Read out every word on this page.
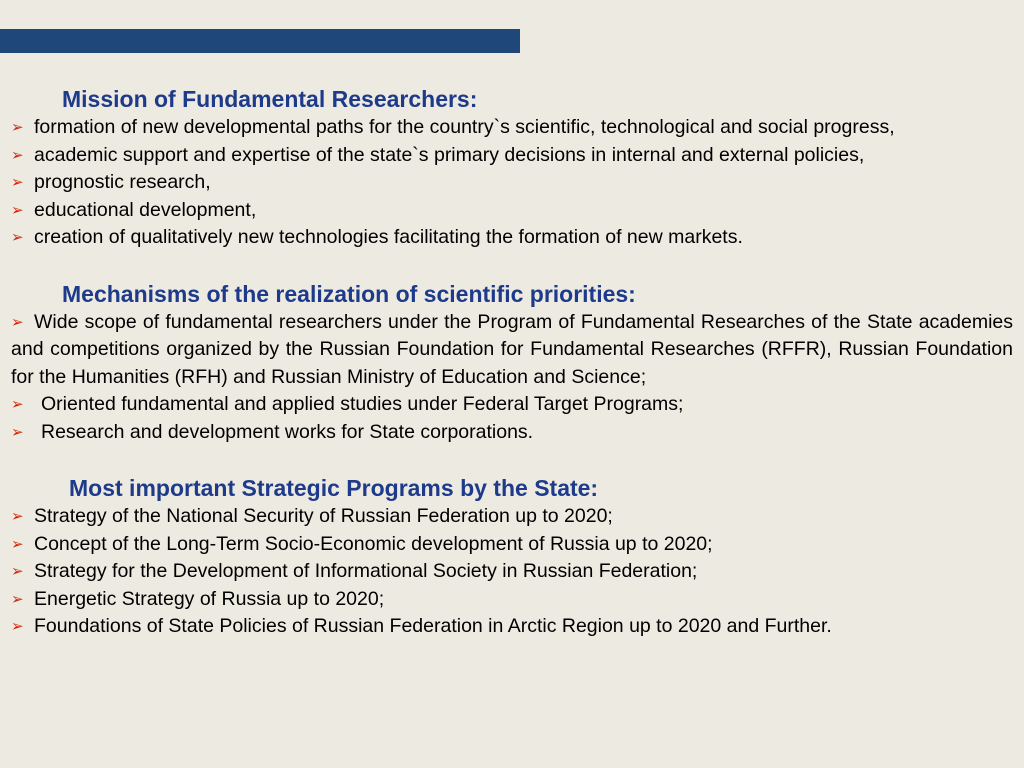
Mission of Fundamental Researchers:
➢ formation of new developmental paths for the country`s scientific, technological and social progress,
➢ academic support and expertise of the state`s primary decisions in internal and external policies,
➢ prognostic research,
➢ educational development,
➢ creation of qualitatively new technologies facilitating the formation of new markets.
Mechanisms of the realization of scientific priorities:
➢ Wide scope of fundamental researchers under the Program of Fundamental Researches of the State academies and competitions organized by the Russian Foundation for Fundamental Researches (RFFR), Russian Foundation for the Humanities (RFH) and Russian Ministry of Education and Science;
➢ Oriented fundamental and applied studies under Federal Target Programs;
➢ Research and development works for State corporations.
Most important Strategic Programs by the State:
➢ Strategy of the National Security of Russian Federation up to 2020;
➢ Concept of the Long-Term Socio-Economic development of Russia up to 2020;
➢ Strategy for the Development of Informational Society in Russian Federation;
➢ Energetic Strategy of Russia up to 2020;
➢ Foundations of State Policies of Russian Federation in Arctic Region up to 2020 and Further.
